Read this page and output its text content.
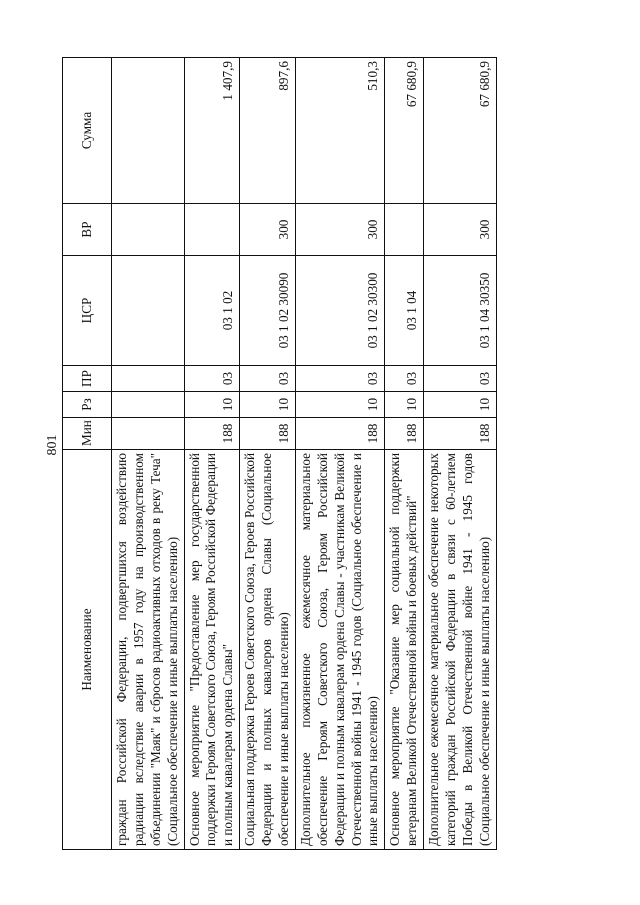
801
Наименование	Мин	Рз	ПР	ЦСР	ВР	Сумма
граждан Российской Федерации, подвергшихся воздействию радиации вследствие аварии в 1957 году на производственном объединении "Маяк" и сбросов радиоактивных отходов в реку Теча" (Социальное обеспечение и иные выплаты населению)						
Основное мероприятие "Предоставление мер государственной поддержки Героям Советского Союза, Героям Российской Федерации и полным кавалерам ордена Славы"	188	10	03	03 1 02		1 407,9
Социальная поддержка Героев Советского Союза, Героев Российской Федерации и полных кавалеров ордена Славы (Социальное обеспечение и иные выплаты населению)	188	10	03	03 1 02 30090	300	897,6
Дополнительное пожизненное ежемесячное материальное обеспечение Героям Советского Союза, Героям Российской Федерации и полным кавалерам ордена Славы - участникам Великой Отечественной войны 1941 - 1945 годов (Социальное обеспечение и иные выплаты населению)	188	10	03	03 1 02 30300	300	510,3
Основное мероприятие "Оказание мер социальной поддержки ветеранам Великой Отечественной войны и боевых действий"	188	10	03	03 1 04		67 680,9
Дополнительное ежемесячное материальное обеспечение некоторых категорий граждан Российской Федерации в связи с 60-летием Победы в Великой Отечественной войне 1941 - 1945 годов (Социальное обеспечение и иные выплаты населению)	188	10	03	03 1 04 30350	300	67 680,9
